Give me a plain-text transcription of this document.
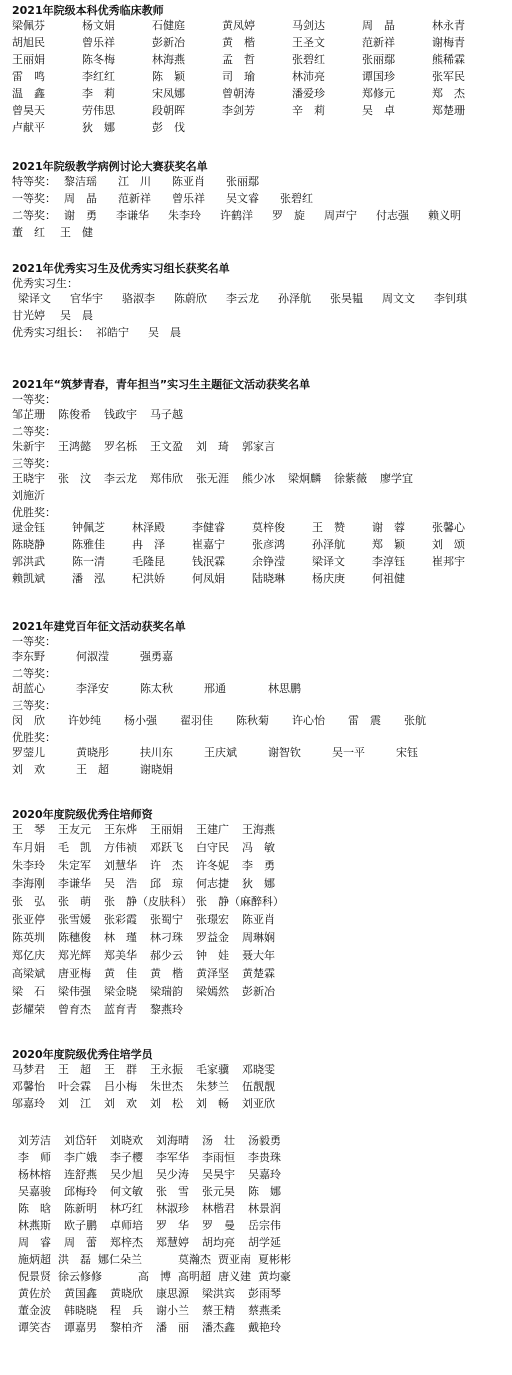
2021年院级本科优秀临床教师
梁佩芬	杨文娟	石健庭	黄凤婷	马剑达	周　晶	林永青
胡旭民	曾乐祥	彭新冶	黄　楷	王圣文	范新祥	谢梅青
王丽娟	陈冬梅	林海燕	孟　哲	张碧红	张丽鄢	熊稀霖
雷　鸣	李红红	陈　颖	司　瑜	林沛亮	谭国珍	张军民
温　鑫	李　莉	宋凤娜	曾朝涛	潘爱珍	郑修元	郑　杰
曾昊天	劳伟思	段朝晖	李剑芳	辛　莉	吴　卓	郑楚珊
卢献平	狄　娜	彭　伐
2021年院级教学病例讨论大赛获奖名单
特等奖： 黎洁瑶 江　川 陈亚肖 张丽鄢
一等奖： 周　晶 范新祥 曾乐祥 吴文睿 张碧红
二等奖： 谢　勇 李谦华 朱李玲 许鹤洋 罗　旋 周声宁 付志强 赖义明
董　红 王　健
2021年优秀实习生及优秀实习组长获奖名单
优秀实习生：
梁译文 官华宇 骆淑李 陈蔚欣 李云龙 孙泽航 张昊韫 周文文 李钊琪
甘光婷 吴　晨
优秀实习组长： 祁皓宁 吴　晨
2021年“筑梦青春，青年担当”实习生主题征文活动获奖名单
一等奖：
邹芷珊 陈俊希 钱政宇 马子越
二等奖：
朱新宇 王鸿懿 罗名栎 王文盈 刘　琦 郭家言
三等奖：
王晓宇 张　汶 李云龙 郑伟欣 张无涯 熊少冰 梁炯麟 徐紫薇 廖学宜
刘施沂
优胜奖：
逯金钰 钟佩芝 林泽殿 李健睿 莫梓俊 王　赞 谢　蓉 张馨心
陈晓静 陈雅佳 冉　泽 崔嘉宁 张彦鸿 孙泽航 郑　颖 刘　颂
郭洪武 陈一清 毛隆昆 钱泯霖 余铮滢 梁译文 李淳钰 崔邦宇
赖凯斌 潘　泓 杞洪娇 何凤娟 陆晓琳 杨庆庚 何祖健
2021年建党百年征文活动获奖名单
一等奖：
李东野	何淑滢	强勇嘉
二等奖：
胡蓝心	李泽安	陈太秋	邢通	林思鹏
三等奖：
闵　欣 许妙纯 杨小强 翟羽佳 陈秋菊 许心怡 雷　震 张航
优胜奖：
罗蓥儿	黄晓彤	扶川东	王庆斌	谢智钦	吴一平	宋钰
刘　欢	王　超	谢晓娟
2020年度院级优秀住培师资
王　琴 王友元 王东烨 王丽娟 王建广 王海燕
车月娟 毛　凯 方伟祯 邓跃飞 白守民 冯　敏
朱李玲 朱定军 刘慧华 许　杰 许冬妮 李　勇
李海刚 李谦华 吴　浩 邱　琼 何志捷 狄　娜
张　弘 张　萌 张　静（皮肤科） 张　静（麻醉科）
张亚停 张雪媛 张彩霞 张蜀宁 张璟宏 陈亚肖
陈英圳 陈穗俊 林　瑾 林刁珠 罗益金 周琳娴
郑亿庆 郑光辉 郑美华 郝少云 钟　娃 聂大年
高梁斌 唐亚梅 黄　佳 黄　楷 黄泽坚 黄楚霖
梁　石 梁伟强 梁金晓 梁瑞韵 梁嫣然 彭新冶
彭耀荣 曾育杰 蓝育青 黎燕玲
2020年度院级优秀住培学员
马梦君 王　超 王　群 王永振 毛家骥 邓晓雯
邓馨怡 叶会霖 吕小梅 朱世杰 朱梦兰 伍靓靓
邬嘉玲 刘　江 刘　欢 刘　松 刘　畅 刘亚欣
刘芳洁 刘岱轩 刘晓欢 刘海晴 汤　壮 汤毅勇
李　师 李广娥 李子樱 李军华 李雨恒 李贵珠
杨林榕 连舒燕 吴少旭 吴少涛 吴昊宇 吴嘉玲
吴嘉骏 邱梅玲 何文敏 张　雪 张元昊 陈　娜
陈　晗 陈新明 林巧红 林淑珍 林楷君 林景润
林燕斯 欧子鹏 卓师培 罗　华 罗　曼 岳宗伟
周　睿 周　蕾 郑梓杰 郑慧婷 胡均亮 胡学延
施炳超 洪　磊 娜仁朵兰	莫瀚杰 贾亚南 夏彬彬
倪景贤 徐云修修	高　博 高明超 唐义建 黄均豪
黄佐於 黄国鑫 黄晓欣 康思源 梁洪宾 彭雨琴
董金波 韩晓晓 程　兵 谢小兰 蔡王精 蔡燕柔
谭笑杏 谭嘉男 黎柏齐 潘　丽 潘杰鑫 戴艳玲
